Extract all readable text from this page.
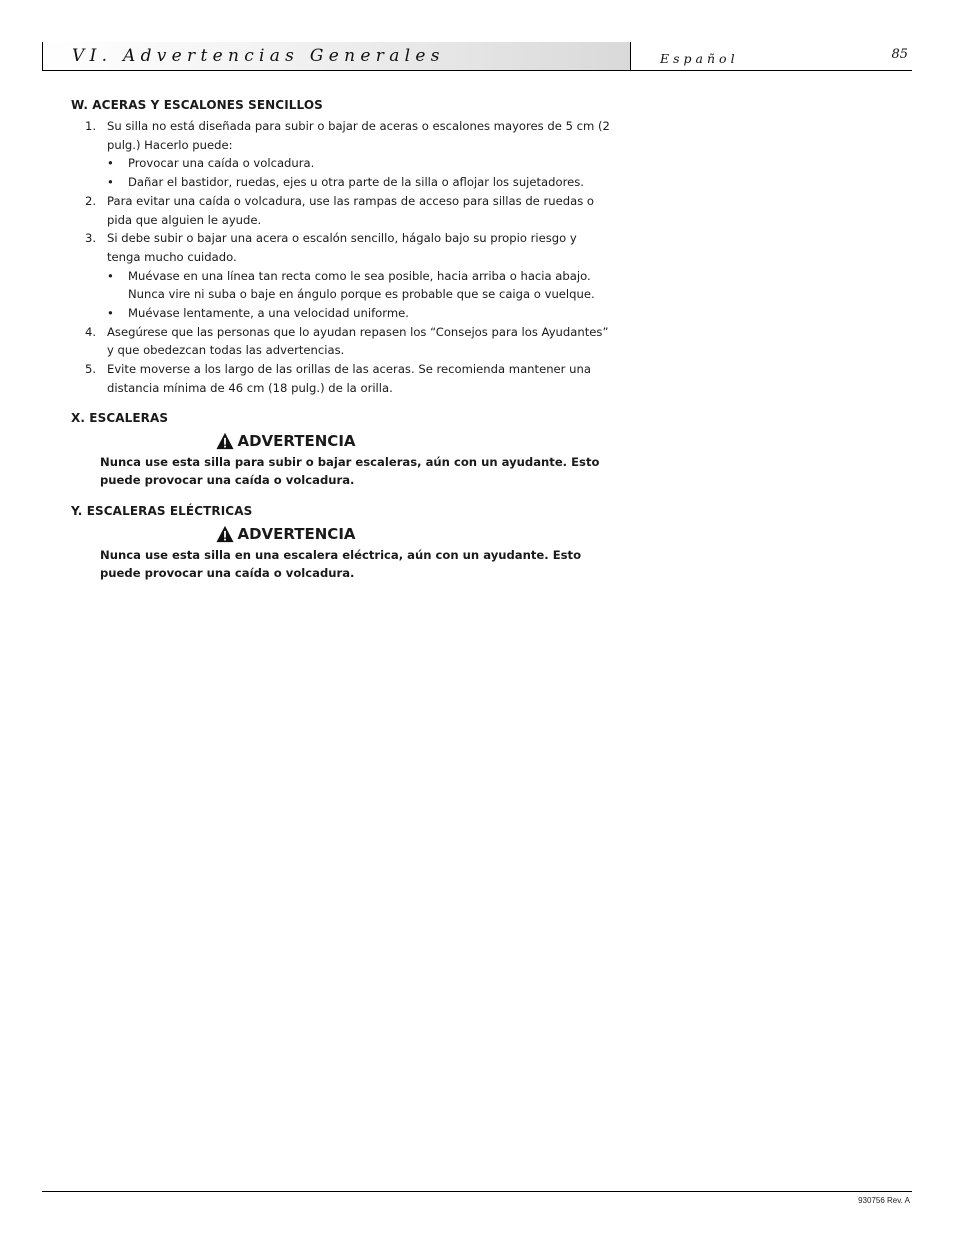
VI. Advertencias Generales	Español	85
W. ACERAS Y ESCALONES SENCILLOS
1. Su silla no está diseñada para subir o bajar de aceras o escalones mayores de 5 cm (2 pulg.) Hacerlo puede:
• Provocar una caída o volcadura.
• Dañar el bastidor, ruedas, ejes u otra parte de la silla o aflojar los sujetadores.
2. Para evitar una caída o volcadura, use las rampas de acceso para sillas de ruedas o pida que alguien le ayude.
3. Si debe subir o bajar una acera o escalón sencillo, hágalo bajo su propio riesgo y tenga mucho cuidado.
• Muévase en una línea tan recta como le sea posible, hacia arriba o hacia abajo. Nunca vire ni suba o baje en ángulo porque es probable que se caiga o vuelque.
• Muévase lentamente, a una velocidad uniforme.
4. Asegúrese que las personas que lo ayudan repasen los “Consejos para los Ayudantes” y que obedezcan todas las advertencias.
5. Evite moverse a los largo de las orillas de las aceras. Se recomienda mantener una distancia mínima de 46 cm (18 pulg.) de la orilla.
X. ESCALERAS
ADVERTENCIA

Nunca use esta silla para subir o bajar escaleras, aún con un ayudante. Esto puede provocar una caída o volcadura.

Y. ESCALERAS ELÉCTRICAS
ADVERTENCIA

Nunca use esta silla en una escalera eléctrica, aún con un ayudante. Esto puede provocar una caída o volcadura.

930756 Rev. A
